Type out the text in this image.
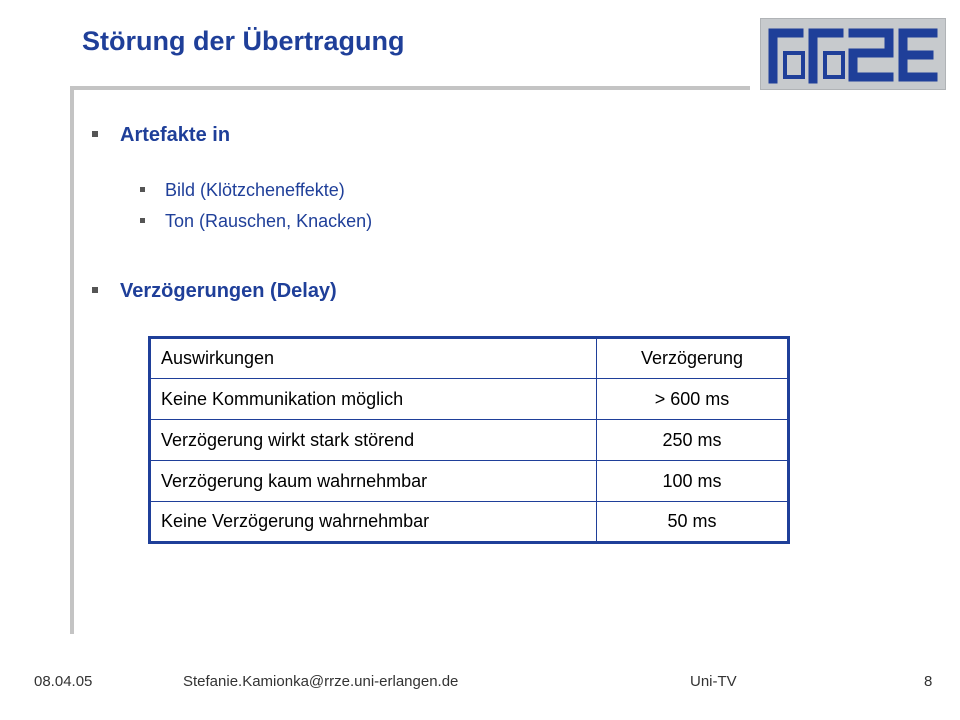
Störung der Übertragung
Artefakte in
Bild (Klötzcheneffekte)
Ton (Rauschen, Knacken)
Verzögerungen (Delay)
Auswirkungen	Verzögerung
Keine Kommunikation möglich	> 600 ms
Verzögerung wirkt stark störend	250 ms
Verzögerung kaum wahrnehmbar	100 ms
Keine Verzögerung wahrnehmbar	50 ms
08.04.05	Stefanie.Kamionka@rrze.uni-erlangen.de	Uni-TV	8
